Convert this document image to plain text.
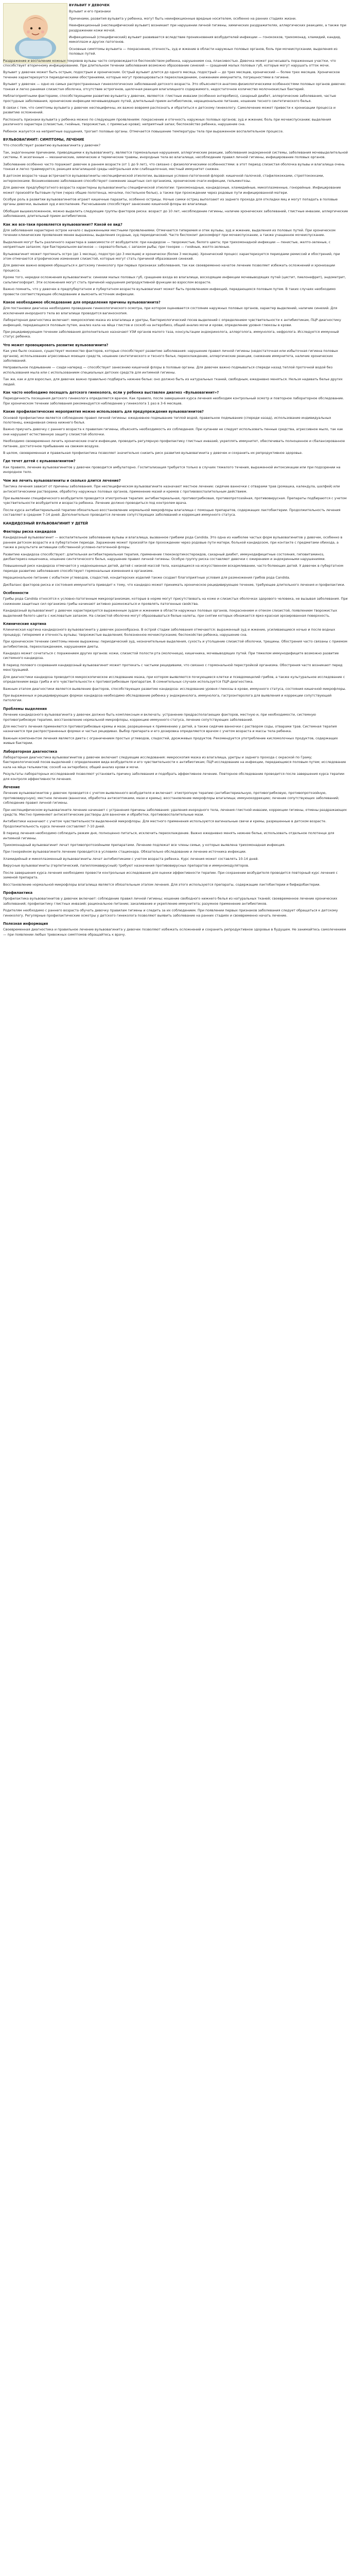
ВУЛЬВИТ У ДЕВОЧЕК

Вульвит и его признаки

Причинами, развития вульвита у ребенка, могут быть неинфекционные вредные носителем, особенно на ранних стадиях жизни.

Неинфекционный (неспецифический вульвит) возникает при нарушении личной гигиены, химических раздражителях, аллергических реакциях, а также при раздражении кожи мочой.

Инфекционный (специфический) вульвит развивается вследствие проникновения возбудителей инфекции — гонококков, трихомонад, хламидий, кандид, микоплазм и других патогенов.

Основные симптомы вульвита — покраснение, отечность, зуд и жжение в области наружных половых органов, боль при мочеиспускании, выделения из половых путей.

Раздражение и воспаление кожных покровов вульвы часто сопровождается беспокойством ребенка, нарушением сна, плаксивостью. Девочка может расчесывать пораженные участки, что способствует вторичному инфицированию. При длительном течении заболевания возможно образование синехий — сращений малых половых губ, которые могут нарушать отток мочи.

Вульвит у девочек может быть острым, подострым и хроническим. Острый вульвит длится до одного месяца, подострый — до трех месяцев, хронический — более трех месяцев. Хроническое течение характеризуется периодическими обострениями, которые могут провоцироваться переохлаждением, снижением иммунитета, погрешностями в гигиене.

Вульвит у девочек — одно из самых распространенных гинекологических заболеваний детского возраста. Это объясняется анатомо-физиологическими особенностями половых органов девочек: тонкая и легко ранимая слизистая оболочка, отсутствие эстрогенов, щелочная реакция влагалищного содержимого, недостаточное количество молочнокислых бактерий.

Неблагоприятными факторами, способствующими развитию вульвита у девочек, являются: глистные инвазии (особенно энтеробиоз), сахарный диабет, аллергические заболевания, частые простудные заболевания, хронические инфекции мочевыводящих путей, длительный прием антибиотиков, нерациональное питание, ношение тесного синтетического белья.

В связи с тем, что симптомы вульвита у девочек неспецифичны, их важно вовремя распознать и обратиться к детскому гинекологу. Самолечение может привести к хронизации процесса и развитию осложнений.

Распознать признаки вульвита у ребенка можно по следующим проявлениям: покраснение и отечность наружных половых органов; зуд и жжение; боль при мочеиспускании; выделения различного характера (слизистые, гнойные, творожистые, с примесью крови); неприятный запах; беспокойство ребенка, нарушение сна.

Ребенок жалуется на неприятные ощущения, трогает половые органы. Отмечается повышение температуры тела при выраженном воспалительном процессе.

ВУЛЬВОВАГИНИТ: СИМПТОМЫ, ЛЕЧЕНИЕ

Что способствует развитию вульвовагинита у девочек?

Так, эндогенными причинами, приводящими к вульвовагиниту, являются гормональные нарушения, аллергические реакции, заболевания эндокринной системы, заболевания мочевыделительной системы. К экзогенным — механические, химические и термические травмы, инородные тела во влагалище, несоблюдение правил личной гигиены, инфицирование половых органов.

Заболевание особенно часто поражает девочек в раннем возрасте (от 1 до 9 лет), что связано с физиологическими особенностями: в этот период слизистая оболочка вульвы и влагалища очень тонкая и легко травмируется, реакция влагалищной среды нейтральная или слабощелочная, местный иммунитет снижен.

В детском возрасте чаще встречаются вульвовагиниты неспецифической этиологии, вызванные условно-патогенной флорой: кишечной палочкой, стафилококками, стрептококками, энтерококками. Возникновению заболевания способствуют снижение защитных сил организма, хронические очаги инфекции, гельминтозы.

Для девочек предпубертатного возраста характерны вульвовагиниты специфической этиологии: трихомонадные, кандидозные, хламидийные, микоплазменные, гонорейные. Инфицирование может произойти бытовым путем (через общие полотенца, мочалки, постельное белье), а также при прохождении через родовые пути инфицированной матери.

Особую роль в развитии вульвовагинитов играют кишечные паразиты, особенно острицы. Ночью самки остриц выползают из заднего прохода для откладки яиц и могут попадать в половые органы девочки, вызывая зуд и воспаление. Расчесывание способствует занесению кишечной флоры во влагалище.

Обобщая вышеизложенное, можно выделить следующие группы факторов риска: возраст до 10 лет, несоблюдение гигиены, наличие хронических заболеваний, глистные инвазии, аллергические заболевания, длительный прием антибиотиков.

Как же все-таки проявляется вульвовагинит? Какой ее вид?

Для заболевания характерно острое начало с выраженными местными проявлениями. Отмечаются гиперемия и отек вульвы, зуд и жжение, выделения из половых путей. При хроническом течении клинические проявления менее выражены, выделения скудные, зуд периодический. Часто беспокоит дискомфорт при мочеиспускании, а также учащенное мочеиспускание.

Выделения могут быть различного характера в зависимости от возбудителя: при кандидозе — творожистые, белого цвета; при трихомонадной инфекции — пенистые, желто-зеленые, с неприятным запахом; при бактериальном вагинозе — серовато-белые, с запахом рыбы; при гонорее — гнойные, желто-зеленые.

Вульвовагинит может протекать остро (до 1 месяца), подостро (до 3 месяцев) и хронически (более 3 месяцев). Хронический процесс характеризуется периодами ремиссий и обострений, при этом отмечаются атрофические изменения слизистой, которые могут стать причиной образования синехий.

Для девочек важно вовремя обращаться к детскому гинекологу при первых признаках заболевания, так как своевременно начатое лечение позволяет избежать осложнений и хронизации процесса.

Кроме того, нередки осложнения вульвовагинита: синехии малых половых губ, сращение входа во влагалище, восходящие инфекции мочевыводящих путей (цистит, пиелонефрит), эндометрит, сальпингоофорит. Эти осложнения могут стать причиной нарушения репродуктивной функции во взрослом возрасте.

Важно помнить, что у девочек в предпубертатном и пубертатном возрасте вульвовагинит может быть проявлением инфекций, передающихся половым путем. В таких случаях необходимо провести соответствующее обследование и выяснить источник инфекции.

Какое необходимое обследование для определения причины вульвовагинита?

Для постановки диагноза необходимо проведение гинекологического осмотра, при котором оценивается состояние наружных половых органов, характер выделений, наличие синехий. Для исключения инородного тела во влагалище проводится вагиноскопия.

Лабораторная диагностика включает: микроскопию мазка из влагалища и уретры, бактериологический посев выделений с определением чувствительности к антибиотикам, ПЦР-диагностику инфекций, передающихся половым путем, анализ кала на яйца глистов и соскоб на энтеробиоз, общий анализ мочи и крови, определение уровня глюкозы в крови.

При рецидивирующем течении заболевания дополнительно назначают УЗИ органов малого таза, консультации эндокринолога, аллерголога, иммунолога, нефролога. Исследуется иммунный статус ребенка.

Что может провоцировать развитие вульвовагинита?

Как уже было сказано, существует множество факторов, которые способствуют развитию заболевания: нарушение правил личной гигиены (недостаточная или избыточная гигиена половых органов), использование агрессивных моющих средств, ношение синтетического и тесного белья, переохлаждение, аллергические реакции, снижение иммунитета, наличие хронических заболеваний.

Неправильное подмывание — сзади наперед — способствует занесению кишечной флоры в половые органы. Для девочек важно подмываться спереди назад теплой проточной водой без использования мыла или с использованием специальных детских средств для интимной гигиены.

Так же, как и для взрослых, для девочек важно правильно подбирать нижнее белье: оно должно быть из натуральных тканей, свободным, ежедневно меняться. Нельзя надевать белье других людей.

Как часто необходимо посещать детского гинеколога, если у ребенка выставлен диагноз «Вульвовагинит»?

Периодичность посещения детского гинеколога определяется врачом. Как правило, после завершения курса лечения необходим контрольный осмотр и повторное лабораторное обследование. При хроническом течении заболевания рекомендуется наблюдение у гинеколога 1 раз в 3-6 месяцев.

Какие профилактические мероприятия можно использовать для предупреждения вульвовагинитов?

Основой профилактики является соблюдение правил личной гигиены: ежедневное подмывание теплой водой, правильное подмывание (спереди назад), использование индивидуальных полотенец, ежедневная смена нижнего белья.

Важно приучать девочку с раннего возраста к правилам гигиены, объяснять необходимость их соблюдения. При купании не следует использовать пенные средства, агрессивное мыло, так как они нарушают естественную защиту слизистой оболочки.

Необходимо своевременно лечить хронические очаги инфекции, проводить регулярную профилактику глистных инвазий, укреплять иммунитет, обеспечивать полноценное и сбалансированное питание, достаточное пребывание на свежем воздухе.

В целом, своевременная и правильная профилактика позволяет значительно снизить риск развития вульвовагинита у девочек и сохранить их репродуктивное здоровье.

Где течет детей с вульвовагинитом?

Как правило, лечение вульвовагинитов у девочек проводится амбулаторно. Госпитализация требуется только в случаях тяжелого течения, выраженной интоксикации или при подозрении на инородное тело.

Чем же лечить вульвовагиниты и сколько длится лечение?

Тактика лечения зависит от причины заболевания. При неспецифическом вульвовагините назначают местное лечение: сидячие ванночки с отварами трав (ромашка, календула, шалфей) или антисептическими растворами, обработку наружных половых органов, применение мазей и кремов с противовоспалительным действием.

При выявлении специфического возбудителя проводится этиотропная терапия: антибактериальная, противогрибковая, противопротозойная, противовирусная. Препараты подбираются с учетом чувствительности возбудителя и возраста ребенка. Лечение должно проводиться под контролем врача.

После курса антибактериальной терапии обязательно восстановление нормальной микрофлоры влагалища с помощью препаратов, содержащих лактобактерии. Продолжительность лечения составляет в среднем 7-14 дней. Дополнительно проводится лечение сопутствующих заболеваний и коррекция иммунного статуса.

КАНДИДОЗНЫЙ ВУЛЬВОВАГИНИТ У ДЕТЕЙ
Факторы риска кандидоза

Кандидозный вульвовагинит — воспалительное заболевание вульвы и влагалища, вызванное грибами рода Candida. Это одна из наиболее частых форм вульвовагинитов у девочек, особенно в раннем детском возрасте и в пубертатном периоде. Заражение может произойти при прохождении через родовые пути матери, больной кандидозом, при контакте с предметами обихода, а также в результате активации собственной условно-патогенной флоры.

Развитию кандидоза способствуют: длительная антибактериальная терапия, применение глюкокортикостероидов, сахарный диабет, иммунодефицитные состояния, гиповитаминоз, дисбактериоз кишечника, ношение синтетического белья, нарушение правил личной гигиены. Особую группу риска составляют девочки с ожирением и эндокринными нарушениями.

Повышенный риск кандидоза отмечается у недоношенных детей, детей с низкой массой тела, находящихся на искусственном вскармливании, часто болеющих детей. У девочек в пубертатном периоде развитию заболевания способствуют гормональные изменения в организме.

Нерациональное питание с избытком углеводов, сладостей, кондитерских изделий также создает благоприятные условия для размножения грибов рода Candida.

Дисбаланс факторов риска и состояния иммунитета приводит к тому, что кандидоз может принимать хроническое рецидивирующее течение, требующее длительного лечения и профилактики.

Особенности

Грибы рода Candida относятся к условно-патогенным микроорганизмам, которые в норме могут присутствовать на коже и слизистых оболочках здорового человека, не вызывая заболевания. При снижении защитных сил организма грибы начинают активно размножаться и проявлять патогенные свойства.

Кандидозный вульвовагинит у девочек характеризуется выраженным зудом и жжением в области наружных половых органов, покраснением и отеком слизистой, появлением творожистых выделений белого цвета с кисловатым запахом. На слизистой оболочке могут образовываться белые налеты, при снятии которых обнажается ярко-красная эрозированная поверхность.

Клинические картина

Клиническая картина кандидозного вульвовагинита у девочек разнообразна. В острой стадии заболевания отмечаются: выраженный зуд и жжение, усиливающиеся ночью и после водных процедур; гиперемия и отечность вульвы; творожистые выделения; болезненное мочеиспускание; беспокойство ребенка, нарушение сна.

При хроническом течении симптомы менее выражены: периодический зуд, незначительные выделения, сухость и утолщение слизистой оболочки, трещины. Обострения часто связаны с приемом антибиотиков, переохлаждением, нарушением диеты.

Кандидоз может сочетаться с поражением других органов: кожи, слизистой полости рта (молочница), кишечника, мочевыводящих путей. При тяжелом иммунодефиците возможно развитие системного кандидоза.

В период полового созревания кандидозный вульвовагинит может протекать с частыми рецидивами, что связано с гормональной перестройкой организма. Обострения часто возникают перед менструацией.

Для диагностики кандидоза проводится микроскопическое исследование мазка, при котором выявляются почкующиеся клетки и псевдомицелий грибов, а также культуральное исследование с определением вида гриба и его чувствительности к противогрибковым препаратам. В сомнительных случаях используется ПЦР-диагностика.

Важным этапом диагностики является выявление факторов, способствующих развитию кандидоза: исследование уровня глюкозы в крови, иммунного статуса, состояния кишечной микрофлоры.

При выраженных и рецидивирующих формах кандидоза необходимо обследование ребенка у эндокринолога, иммунолога, гастроэнтеролога для выявления и коррекции сопутствующей патологии.

Проблемы выделения

Лечение кандидозного вульвовагинита у девочек должно быть комплексным и включать: устранение предрасполагающих факторов, местную и, при необходимости, системную противогрибковую терапию, восстановление нормальной микрофлоры, коррекцию иммунного статуса, лечение сопутствующих заболеваний.

Для местного лечения применяются противогрибковые кремы и мази, разрешенные к применению у детей, а также сидячие ванночки с раствором соды, отварами трав. Системная терапия назначается при распространенных формах и частых рецидивах. Выбор препарата и его дозировка определяются врачом с учетом возраста и массы тела ребенка.

Важным компонентом лечения является диета с ограничением простых углеводов, сладостей, дрожжевых продуктов. Рекомендуется употребление кисломолочных продуктов, содержащих живые бактерии.

Лабораторная диагностика

Лабораторная диагностика вульвовагинитов у девочек включает следующие исследования: микроскопия мазка из влагалища, уретры и заднего прохода с окраской по Граму; бактериологический посев выделений с определением вида возбудителя и его чувствительности к антибиотикам; ПЦР-исследование на инфекции, передающиеся половым путем; исследование кала на яйца гельминтов; соскоб на энтеробиоз; общий анализ крови и мочи.

Результаты лабораторных исследований позволяют установить причину заболевания и подобрать эффективное лечение. Повторное обследование проводится после завершения курса терапии для контроля эффективности лечения.

Лечение

Лечение вульвовагинитов у девочек проводится с учетом выявленного возбудителя и включает: этиотропную терапию (антибактериальную, противогрибковую, противопротозойную, противовирусную); местное лечение (ванночки, обработка антисептиками, мази и кремы); восстановление микрофлоры влагалища; иммунокоррекцию; лечение сопутствующих заболеваний; соблюдение правил личной гигиены.

При неспецифическом вульвовагините лечение начинают с устранения причины заболевания: удаления инородного тела, лечения глистной инвазии, коррекции гигиены, отмены раздражающих средств. Местно применяют антисептические растворы для ванночек и обработки, противовоспалительные мази.

Антибиотики назначают с учетом чувствительности выделенной микрофлоры. Для местного применения используются вагинальные свечи и кремы, разрешенные в детском возрасте. Продолжительность курса лечения составляет 7-10 дней.

В период лечения необходимо соблюдать режим дня, полноценно питаться, исключить переохлаждение. Важно ежедневно менять нижнее белье, использовать отдельное полотенце для интимной гигиены.

Трихомонадный вульвовагинит лечат противопротозойными препаратами. Лечению подлежат все члены семьи, у которых выявлена трихомонадная инфекция.

При гонорейном вульвовагините лечение проводится в условиях стационара. Обязательно обследование и лечение источника инфекции.

Хламидийный и микоплазменный вульвовагиниты лечат антибиотиками с учетом возраста ребенка. Курс лечения может составлять 10-14 дней.

Вирусные вульвовагиниты (герпетический, папилломавирусный) требуют назначения противовирусных препаратов и иммуномодуляторов.

После завершения курса лечения необходимо провести контрольные исследования для оценки эффективности терапии. При сохранении возбудителя проводится повторный курс лечения с заменой препарата.

Восстановление нормальной микрофлоры влагалища является обязательным этапом лечения. Для этого используются препараты, содержащие лактобактерии и бифидобактерии.

Профилактика

Профилактика вульвовагинитов у девочек включает: соблюдение правил личной гигиены; ношение свободного нижнего белья из натуральных тканей; своевременное лечение хронических заболеваний; профилактику глистных инвазий; рациональное питание; закаливание и укрепление иммунитета; разумное применение антибиотиков.

Родителям необходимо с раннего возраста обучать девочку правилам гигиены и следить за их соблюдением. При появлении первых признаков заболевания следует обращаться к детскому гинекологу. Регулярные профилактические осмотры у детского гинеколога позволяют выявить заболевание на ранних стадиях и своевременно начать лечение.

Полезная информация

Своевременная диагностика и правильное лечение вульвовагинита у девочек позволяют избежать осложнений и сохранить репродуктивное здоровье в будущем. Не занимайтесь самолечением — при появлении любых тревожных симптомов обращайтесь к врачу.
